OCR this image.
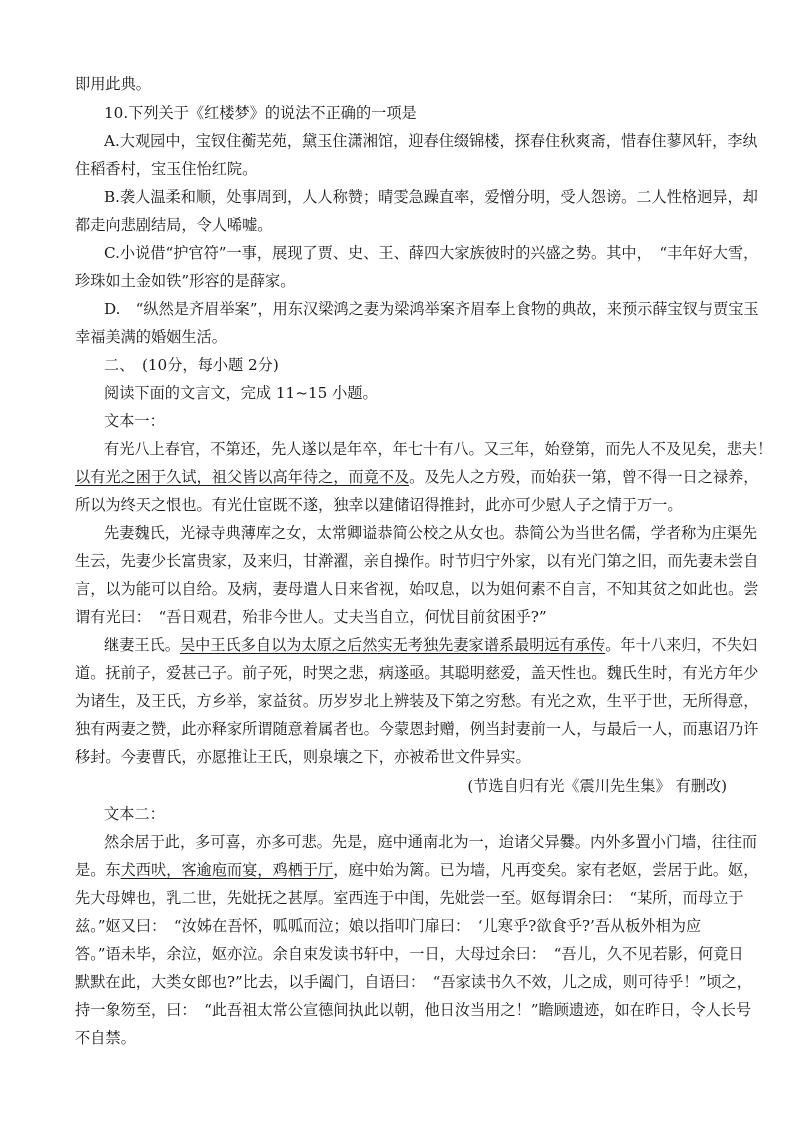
即用此典。
10.下列关于《红楼梦》的说法不正确的一项是
A.大观园中，宝钗住蘅芜苑，黛玉住潇湘馆，迎春住缀锦楼，探春住秋爽斋，惜春住蓼风轩，李纨
住稻香村，宝玉住怡红院。
B.袭人温柔和顺，处事周到，人人称赞；晴雯急躁直率，爱憎分明，受人怨谤。二人性格迥异，却
都走向悲剧结局，令人唏嘘。
C.小说借“护官符”一事，展现了贾、史、王、薛四大家族彼时的兴盛之势。其中，　“丰年好大雪，
珍珠如土金如铁”形容的是薛家。
D.　“纵然是齐眉举案”，用东汉梁鸿之妻为梁鸿举案齐眉奉上食物的典故，来预示薛宝钗与贾宝玉
幸福美满的婚姻生活。
二、　(10分，每小题 2分)
阅读下面的文言文，完成 11~15 小题。
文本一：
有光八上春官，不第还，先人遂以是年卒，年七十有八。又三年，始登第，而先人不及见矣，悲夫！
以有光之困于久试，祖父皆以高年待之，而竟不及。及先人之方殁，而始获一第，曾不得一日之禄养，
所以为终天之恨也。有光仕宦既不遂，独幸以建储诏得推封，此亦可少慰人子之情于万一。
先妻魏氏，光禄寺典薄库之女，太常卿谥恭简公校之从女也。恭简公为当世名儒，学者称为庄渠先
生云，先妻少长富贵家，及来归，甘澣濯，亲自操作。时节归宁外家，以有光门第之旧，而先妻未尝自
言，以为能可以自给。及病，妻母遣人日来省视，始叹息，以为姐何素不自言，不知其贫之如此也。尝
谓有光曰：　“吾日观君，殆非今世人。丈夫当自立，何忧目前贫困乎?”
继妻王氏。吴中王氏多自以为太原之后然实无考独先妻家谱系最明远有承传。年十八来归，不失妇
道。抚前子，爱甚己子。前子死，时哭之悲，病遂亟。其聪明慈爱，盖天性也。魏氏生时，有光方年少
为诸生，及王氏，方乡举，家益贫。历岁岁北上辨装及下第之穷愁。有光之欢，生平于世，无所得意，
独有两妻之赞，此亦释家所谓随意着属者也。今蒙恩封赠，例当封妻前一人，与最后一人，而惠诏乃许
移封。今妻曹氏，亦愿推让王氏，则泉壤之下，亦被希世文件异实。
(节选自归有光《震川先生集》 有删改)
文本二：
然余居于此，多可喜，亦多可悲。先是，庭中通南北为一，迨诸父异爨。内外多置小门墙，往往而
是。东犬西吠，客逾庖而宴，鸡栖于厅，庭中始为篱。已为墙，凡再变矣。家有老妪，尝居于此。妪，
先大母婢也，乳二世，先妣抚之甚厚。室西连于中闺，先妣尝一至。妪每谓余曰：　“某所，而母立于
兹。”妪又曰：　“汝姊在吾怀，呱呱而泣；娘以指叩门扉曰：　‘儿寒乎?欲食乎?’吾从板外相为应
答。”语未毕，余泣，妪亦泣。余自束发读书轩中，一日，大母过余曰：　“吾儿，久不见若影，何竟日
默默在此，大类女郎也?”比去，以手阖门，自语曰：　“吾家读书久不效，儿之成，则可待乎！”顷之，
持一象笏至，曰：　“此吾祖太常公宣德间执此以朝，他日汝当用之！”瞻顾遗迹，如在昨日，令人长号
不自禁。
